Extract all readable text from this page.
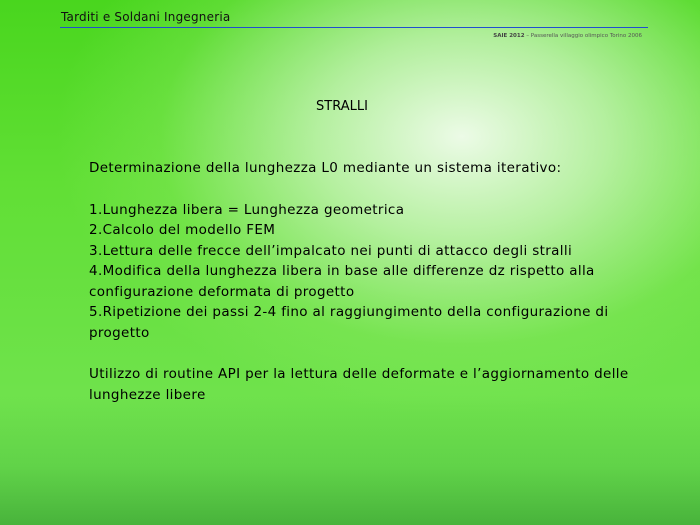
Tarditi e Soldani Ingegneria
SAIE 2012 – Passerella villaggio olimpico Torino 2006
STRALLI

Determinazione della lunghezza L0 mediante un sistema iterativo:

1.Lunghezza libera = Lunghezza geometrica
2.Calcolo del modello FEM
3.Lettura delle frecce dell’impalcato nei punti di attacco degli stralli
4.Modifica della lunghezza libera in base alle differenze dz rispetto alla configurazione deformata di progetto
5.Ripetizione dei passi 2-4 fino al raggiungimento della configurazione di progetto

Utilizzo di routine API per la lettura delle deformate e l’aggiornamento delle lunghezze libere
